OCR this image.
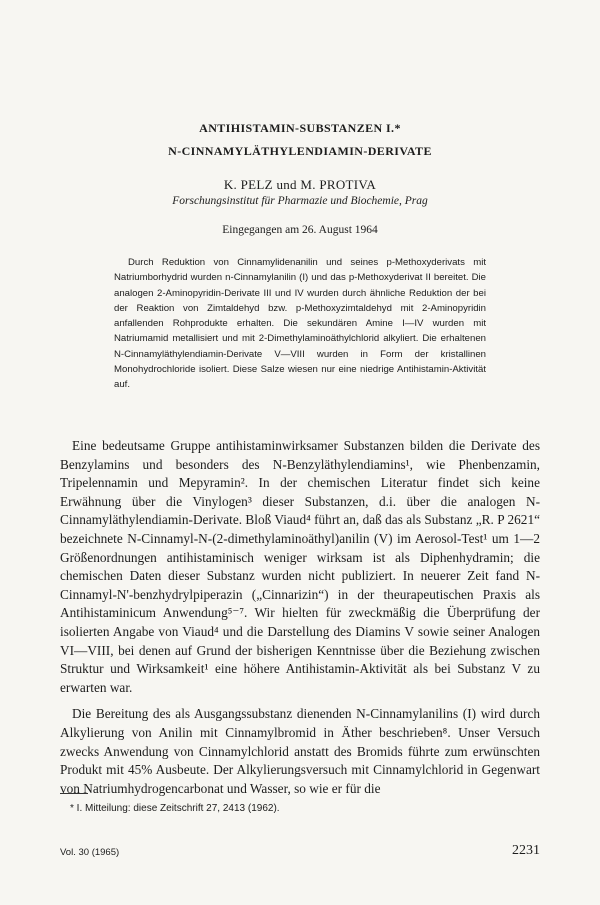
ANTIHISTAMIN-SUBSTANZEN I.*
N-CINNAMYLÄTHYLENDIAMIN-DERIVATE
K. PELZ und M. PROTIVA
Forschungsinstitut für Pharmazie und Biochemie, Prag
Eingegangen am 26. August 1964
Durch Reduktion von Cinnamylidenanilin und seines p-Methoxyderivats mit Natriumborhydrid wurden n-Cinnamylanilin (I) und das p-Methoxyderivat II bereitet. Die analogen 2-Aminopyridin-Derivate III und IV wurden durch ähnliche Reduktion der bei der Reaktion von Zimtaldehyd bzw. p-Methoxyzimtaldehyd mit 2-Aminopyridin anfallenden Rohprodukte erhalten. Die sekundären Amine I—IV wurden mit Natriumamid metallisiert und mit 2-Dimethylaminoäthylchlorid alkyliert. Die erhaltenen N-Cinnamyläthylendiamin-Derivate V—VIII wurden in Form der kristallinen Monohydrochloride isoliert. Diese Salze wiesen nur eine niedrige Antihistamin-Aktivität auf.

Eine bedeutsame Gruppe antihistaminwirksamer Substanzen bilden die Derivate des Benzylamins und besonders des N-Benzyläthylendiamins¹, wie Phenbenzamin, Tripelennamin und Mepyramin². In der chemischen Literatur findet sich keine Erwähnung über die Vinylogen³ dieser Substanzen, d.i. über die analogen N-Cinnamyläthylendiamin-Derivate. Bloß Viaud⁴ führt an, daß das als Substanz „R. P 2621“ bezeichnete N-Cinnamyl-N-(2-dimethylaminoäthyl)anilin (V) im Aerosol-Test¹ um 1—2 Größenordnungen antihistaminisch weniger wirksam ist als Diphenhydramin; die chemischen Daten dieser Substanz wurden nicht publiziert. In neuerer Zeit fand N-Cinnamyl-N'-benzhydrylpiperazin („Cinnarizin“) in der theurapeutischen Praxis als Antihistaminicum Anwendung⁵⁻⁷. Wir hielten für zweckmäßig die Überprüfung der isolierten Angabe von Viaud⁴ und die Darstellung des Diamins V sowie seiner Analogen VI—VIII, bei denen auf Grund der bisherigen Kenntnisse über die Beziehung zwischen Struktur und Wirksamkeit¹ eine höhere Antihistamin-Aktivität als bei Substanz V zu erwarten war.

Die Bereitung des als Ausgangssubstanz dienenden N-Cinnamylanilins (I) wird durch Alkylierung von Anilin mit Cinnamylbromid in Äther beschrieben⁸. Unser Versuch zwecks Anwendung von Cinnamylchlorid anstatt des Bromids führte zum erwünschten Produkt mit 45% Ausbeute. Der Alkylierungsversuch mit Cinnamylchlorid in Gegenwart von Natriumhydrogencarbonat und Wasser, so wie er für die

* I. Mitteilung: diese Zeitschrift 27, 2413 (1962).
Vol. 30 (1965)	2231
